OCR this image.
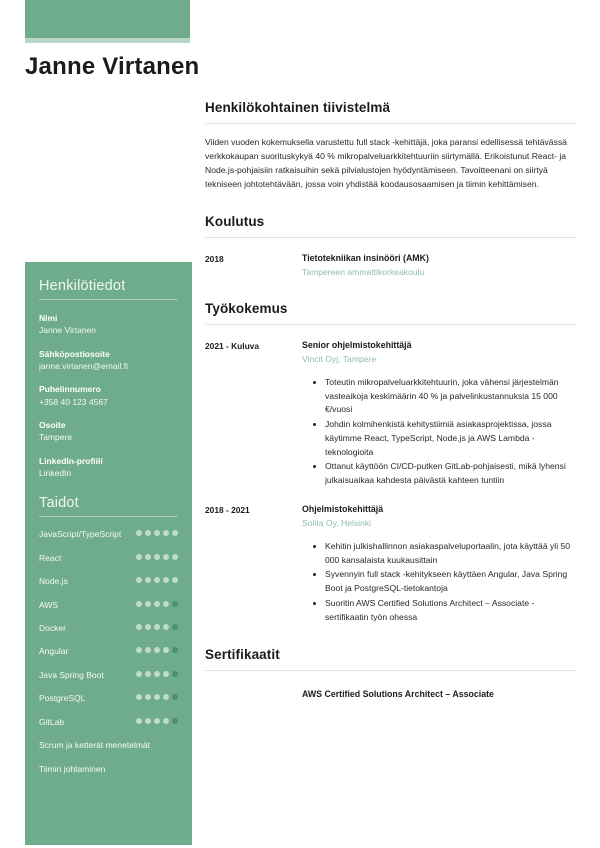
Janne Virtanen
Henkilötiedot
Nimi
Janne Virtanen
Sähköpostiosoite
janne.virtanen@email.fi
Puhelinnumero
+358 40 123 4567
Osoite
Tampere
LinkedIn-profiili
LinkedIn
Taidot
JavaScript/TypeScript
React
Node.js
AWS
Docker
Angular
Java Spring Boot
PostgreSQL
GitLab
Scrum ja ketterät menetelmät
Tiimin johtaminen
Henkilökohtainen tiivistelmä

Viiden vuoden kokemuksella varustettu full stack -kehittäjä, joka paransi edellisessä tehtävässä verkkokaupan suorituskykyä 40 % mikropalveluarkkitehtuuriin siirtymällä. Erikoistunut React- ja Node.js-pohjaisiin ratkaisuihin sekä pilvialustojen hyödyntämiseen. Tavoitteenani on siirtyä tekniseen johtotehtävään, jossa voin yhdistää koodausosaamisen ja tiimin kehittämisen.

Koulutus
2018	Tietotekniikan insinööri (AMK)
Tampereen ammattikorkeakoulu
Työkokemus
2021 - Kuluva	Senior ohjelmistokehittäjä
Vincit Oyj, Tampere
• Toteutin mikropalveluarkkitehtuurin, joka vähensi järjestelmän vasteaikoja keskimäärin 40 % ja palvelinkustannuksia 15 000 €/vuosi
• Johdin kolmihenkistä kehitystiimiä asiakasprojektissa, jossa käytimme React, TypeScript, Node.js ja AWS Lambda -teknologioita
• Ottanut käyttöön CI/CD-putken GitLab-pohjaisesti, mikä lyhensi julkaisuaikaa kahdesta päivästä kahteen tuntiin
2018 - 2021	Ohjelmistokehittäjä
Solita Oy, Helsinki
• Kehitin julkishallinnon asiakaspalveluportaalin, jota käyttää yli 50 000 kansalaista kuukausittain
• Syvennyin full stack -kehitykseen käyttäen Angular, Java Spring Boot ja PostgreSQL-tietokantoja
• Suoritin AWS Certified Solutions Architect – Associate -sertifikaatin työn ohessa
Sertifikaatit
AWS Certified Solutions Architect – Associate
